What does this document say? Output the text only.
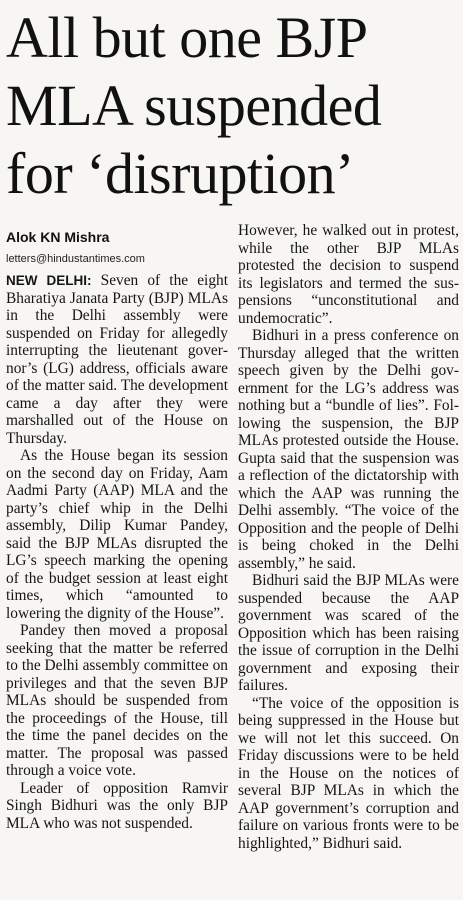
All but one BJP
MLA suspended
for ‘disruption’
Alok KN Mishra
letters@hindustantimes.com

NEW DELHI: Seven of the eight Bharatiya Janata Party (BJP) MLAs in the Delhi assembly were suspended on Friday for allegedly interrupting the lieutenant governor’s (LG) address, officials aware of the matter said. The development came a day after they were marshalled out of the House on Thursday.

As the House began its session on the second day on Friday, Aam Aadmi Party (AAP) MLA and the party’s chief whip in the Delhi assembly, Dilip Kumar Pandey, said the BJP MLAs disrupted the LG’s speech marking the opening of the budget session at least eight times, which “amounted to lowering the dignity of the House”.

Pandey then moved a proposal seeking that the matter be referred to the Delhi assembly committee on privileges and that the seven BJP MLAs should be suspended from the proceedings of the House, till the time the panel decides on the matter. The proposal was passed through a voice vote.

Leader of opposition Ramvir Singh Bidhuri was the only BJP MLA who was not suspended.

However, he walked out in protest, while the other BJP MLAs protested the decision to suspend its legislators and termed the suspensions “unconstitutional and undemocratic”.

Bidhuri in a press conference on Thursday alleged that the written speech given by the Delhi government for the LG’s address was nothing but a “bundle of lies”. Following the suspension, the BJP MLAs protested outside the House. Gupta said that the suspension was a reflection of the dictatorship with which the AAP was running the Delhi assembly. “The voice of the Opposition and the people of Delhi is being choked in the Delhi assembly,” he said.

Bidhuri said the BJP MLAs were suspended because the AAP government was scared of the Opposition which has been raising the issue of corruption in the Delhi government and exposing their failures.

“The voice of the opposition is being suppressed in the House but we will not let this succeed. On Friday discussions were to be held in the House on the notices of several BJP MLAs in which the AAP government’s corruption and failure on various fronts were to be highlighted,” Bidhuri said.
